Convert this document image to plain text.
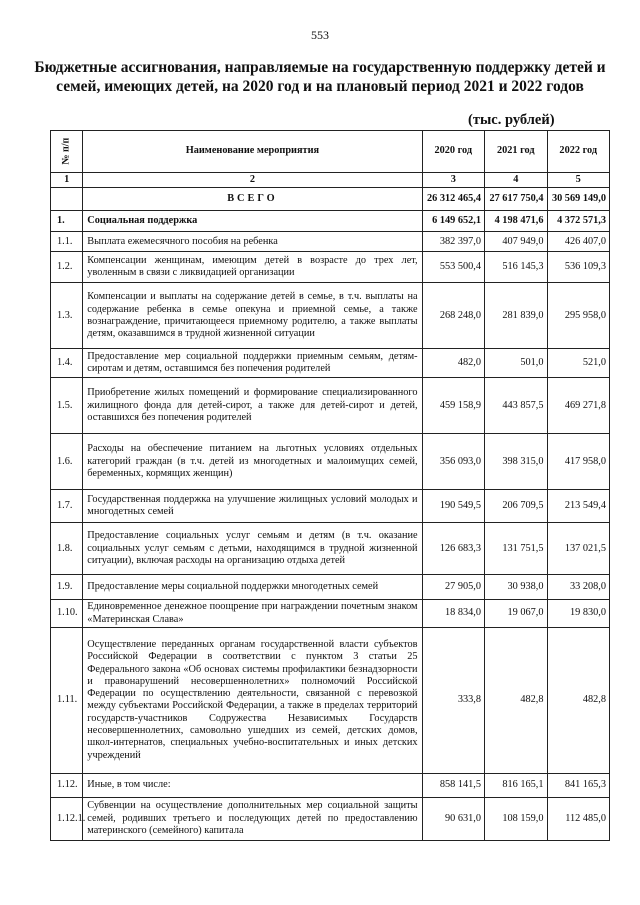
553
Бюджетные ассигнования, направляемые на государственную поддержку детей и семей, имеющих детей, на 2020 год и на плановый период 2021 и 2022 годов
(тыс. рублей)
№ п/п	Наименование мероприятия	2020 год	2021 год	2022 год
1	2	3	4	5
	ВСЕГО	26 312 465,4	27 617 750,4	30 569 149,0
1.	Социальная поддержка	6 149 652,1	4 198 471,6	4 372 571,3
1.1.	Выплата ежемесячного пособия на ребенка	382 397,0	407 949,0	426 407,0
1.2.	Компенсации женщинам, имеющим детей в возрасте до трех лет, уволенным в связи с ликвидацией организации	553 500,4	516 145,3	536 109,3
1.3.	Компенсации и выплаты на содержание детей в семье, в т.ч. выплаты на содержание ребенка в семье опекуна и приемной семье, а также вознаграждение, причитающееся приемному родителю, а также выплаты детям, оказавшимся в трудной жизненной ситуации	268 248,0	281 839,0	295 958,0
1.4.	Предоставление мер социальной поддержки приемным семьям, детям-сиротам и детям, оставшимся без попечения родителей	482,0	501,0	521,0
1.5.	Приобретение жилых помещений и формирование специализированного жилищного фонда для детей-сирот, а также для детей-сирот и детей, оставшихся без попечения родителей	459 158,9	443 857,5	469 271,8
1.6.	Расходы на обеспечение питанием на льготных условиях отдельных категорий граждан (в т.ч. детей из многодетных и малоимущих семей, беременных, кормящих женщин)	356 093,0	398 315,0	417 958,0
1.7.	Государственная поддержка на улучшение жилищных условий молодых и многодетных семей	190 549,5	206 709,5	213 549,4
1.8.	Предоставление социальных услуг семьям и детям (в т.ч. оказание социальных услуг семьям с детьми, находящимся в трудной жизненной ситуации), включая расходы на организацию отдыха детей	126 683,3	131 751,5	137 021,5
1.9.	Предоставление меры социальной поддержки многодетных семей	27 905,0	30 938,0	33 208,0
1.10.	Единовременное денежное поощрение при награждении почетным знаком «Материнская Слава»	18 834,0	19 067,0	19 830,0
1.11.	Осуществление переданных органам государственной власти субъектов Российской Федерации в соответствии с пунктом 3 статьи 25 Федерального закона «Об основах системы профилактики безнадзорности и правонарушений несовершеннолетних» полномочий Российской Федерации по осуществлению деятельности, связанной с перевозкой между субъектами Российской Федерации, а также в пределах территорий государств-участников Содружества Независимых Государств несовершеннолетних, самовольно ушедших из семей, детских домов, школ-интернатов, специальных учебно-воспитательных и иных детских учреждений	333,8	482,8	482,8
1.12.	Иные, в том числе:	858 141,5	816 165,1	841 165,3
1.12.1.	Субвенции на осуществление дополнительных мер социальной защиты семей, родивших третьего и последующих детей по предоставлению материнского (семейного) капитала	90 631,0	108 159,0	112 485,0
